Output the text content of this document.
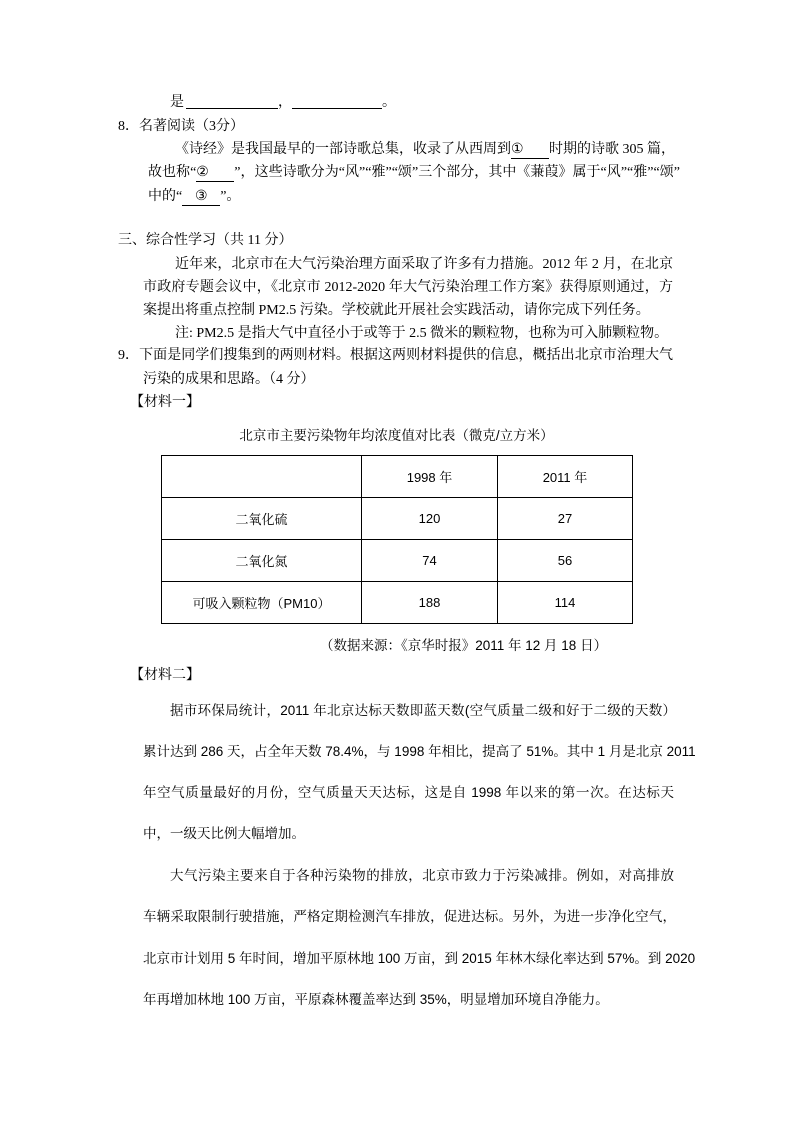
是	，	。
8．名著阅读（3分）
《诗经》是我国最早的一部诗歌总集，收录了从西周到① 时期的诗歌 305 篇，
故也称“② ”，这些诗歌分为“风”“雅”“颂”三个部分，其中《蒹葭》属于“风”“雅”“颂”
中的“ ③ ”。
三、综合性学习（共 11 分）
近年来，北京市在大气污染治理方面采取了许多有力措施。2012 年 2 月，在北京
市政府专题会议中，《北京市 2012-2020 年大气污染治理工作方案》获得原则通过，方
案提出将重点控制 PM2.5 污染。学校就此开展社会实践活动，请你完成下列任务。
注: PM2.5 是指大气中直径小于或等于 2.5 微米的颗粒物，也称为可入肺颗粒物。
9．下面是同学们搜集到的两则材料。根据这两则材料提供的信息，概括出北京市治理大气
污染的成果和思路。（4 分）
【材料一】
北京市主要污染物年均浓度值对比表（微克/立方米）
	1998 年	2011 年
二氧化硫	120	27
二氧化氮	74	56
可吸入颗粒物（PM10）	188	114
（数据来源：《京华时报》2011 年 12 月 18 日）
【材料二】
据市环保局统计，2011 年北京达标天数即蓝天数(空气质量二级和好于二级的天数）
累计达到 286 天，占全年天数 78.4%，与 1998 年相比，提高了 51%。其中 1 月是北京 2011
年空气质量最好的月份，空气质量天天达标，这是自 1998 年以来的第一次。在达标天
中，一级天比例大幅增加。
大气污染主要来自于各种污染物的排放，北京市致力于污染减排。例如，对高排放
车辆采取限制行驶措施，严格定期检测汽车排放，促进达标。另外，为进一步净化空气，
北京市计划用 5 年时间，增加平原林地 100 万亩，到 2015 年林木绿化率达到 57%。到 2020
年再增加林地 100 万亩，平原森林覆盖率达到 35%，明显增加环境自净能力。
